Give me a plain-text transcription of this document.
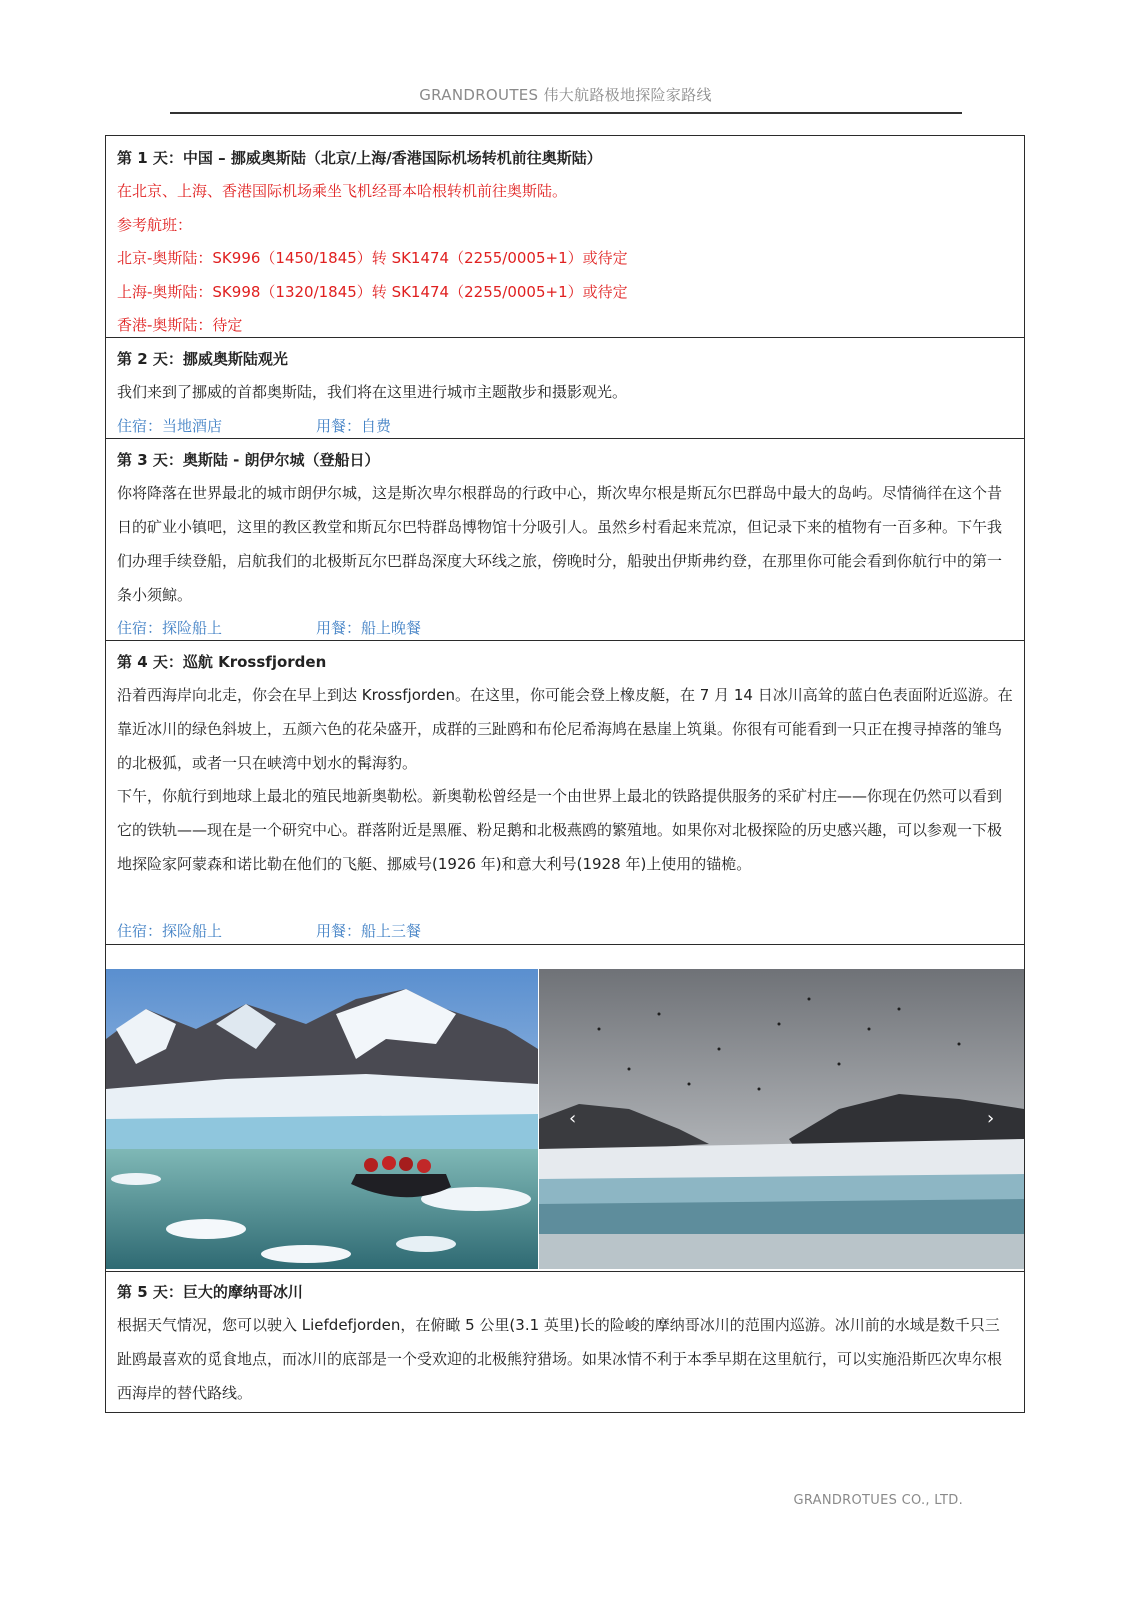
GRANDROUTES 伟大航路极地探险家路线
第 1 天：中国 – 挪威奥斯陆（北京/上海/香港国际机场转机前往奥斯陆）
在北京、上海、香港国际机场乘坐飞机经哥本哈根转机前往奥斯陆。
参考航班：
北京-奥斯陆：SK996（1450/1845）转 SK1474（2255/0005+1）或待定
上海-奥斯陆：SK998（1320/1845）转 SK1474（2255/0005+1）或待定
香港-奥斯陆：待定
第 2 天：挪威奥斯陆观光
我们来到了挪威的首都奥斯陆，我们将在这里进行城市主题散步和摄影观光。
住宿：当地酒店	用餐：自费
第 3 天：奥斯陆 - 朗伊尔城（登船日）
你将降落在世界最北的城市朗伊尔城，这是斯次卑尔根群岛的行政中心，斯次卑尔根是斯瓦尔巴群岛中最大的岛屿。尽情徜徉在这个昔日的矿业小镇吧，这里的教区教堂和斯瓦尔巴特群岛博物馆十分吸引人。虽然乡村看起来荒凉，但记录下来的植物有一百多种。下午我们办理手续登船，启航我们的北极斯瓦尔巴群岛深度大环线之旅，傍晚时分，船驶出伊斯弗约登，在那里你可能会看到你航行中的第一条小须鲸。
住宿：探险船上	用餐：船上晚餐
第 4 天：巡航 Krossfjorden
沿着西海岸向北走，你会在早上到达 Krossfjorden。在这里，你可能会登上橡皮艇，在 7 月 14 日冰川高耸的蓝白色表面附近巡游。在靠近冰川的绿色斜坡上，五颜六色的花朵盛开，成群的三趾鸥和布伦尼希海鸠在悬崖上筑巢。你很有可能看到一只正在搜寻掉落的雏鸟的北极狐，或者一只在峡湾中划水的髯海豹。
下午，你航行到地球上最北的殖民地新奥勒松。新奥勒松曾经是一个由世界上最北的铁路提供服务的采矿村庄——你现在仍然可以看到它的铁轨——现在是一个研究中心。群落附近是黑雁、粉足鹅和北极燕鸥的繁殖地。如果你对北极探险的历史感兴趣，可以参观一下极地探险家阿蒙森和诺比勒在他们的飞艇、挪威号(1926 年)和意大利号(1928 年)上使用的锚桅。
住宿：探险船上	用餐：船上三餐
‹	›
第 5 天：巨大的摩纳哥冰川
根据天气情况，您可以驶入 Liefdefjorden，在俯瞰 5 公里(3.1 英里)长的险峻的摩纳哥冰川的范围内巡游。冰川前的水域是数千只三趾鸥最喜欢的觅食地点，而冰川的底部是一个受欢迎的北极熊狩猎场。如果冰情不利于本季早期在这里航行，可以实施沿斯匹次卑尔根西海岸的替代路线。
GRANDROTUES CO., LTD.
